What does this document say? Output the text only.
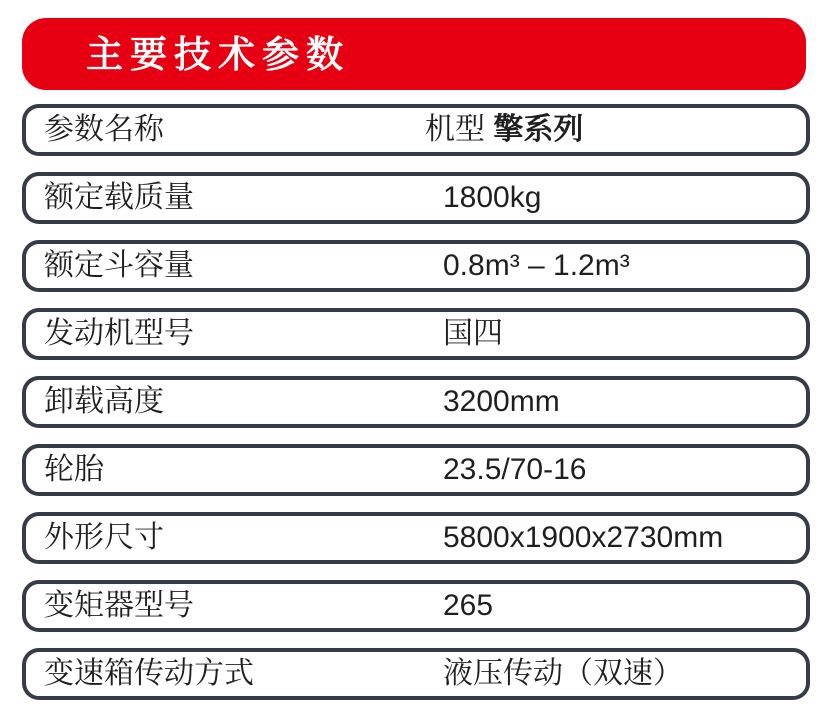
主要技术参数
参数名称	机型 擎系列
额定载质量	1800kg
额定斗容量	0.8m³ – 1.2m³
发动机型号	国四
卸载高度	3200mm
轮胎	23.5/70-16
外形尺寸	5800x1900x2730mm
变矩器型号	265
变速箱传动方式	液压传动（双速）
